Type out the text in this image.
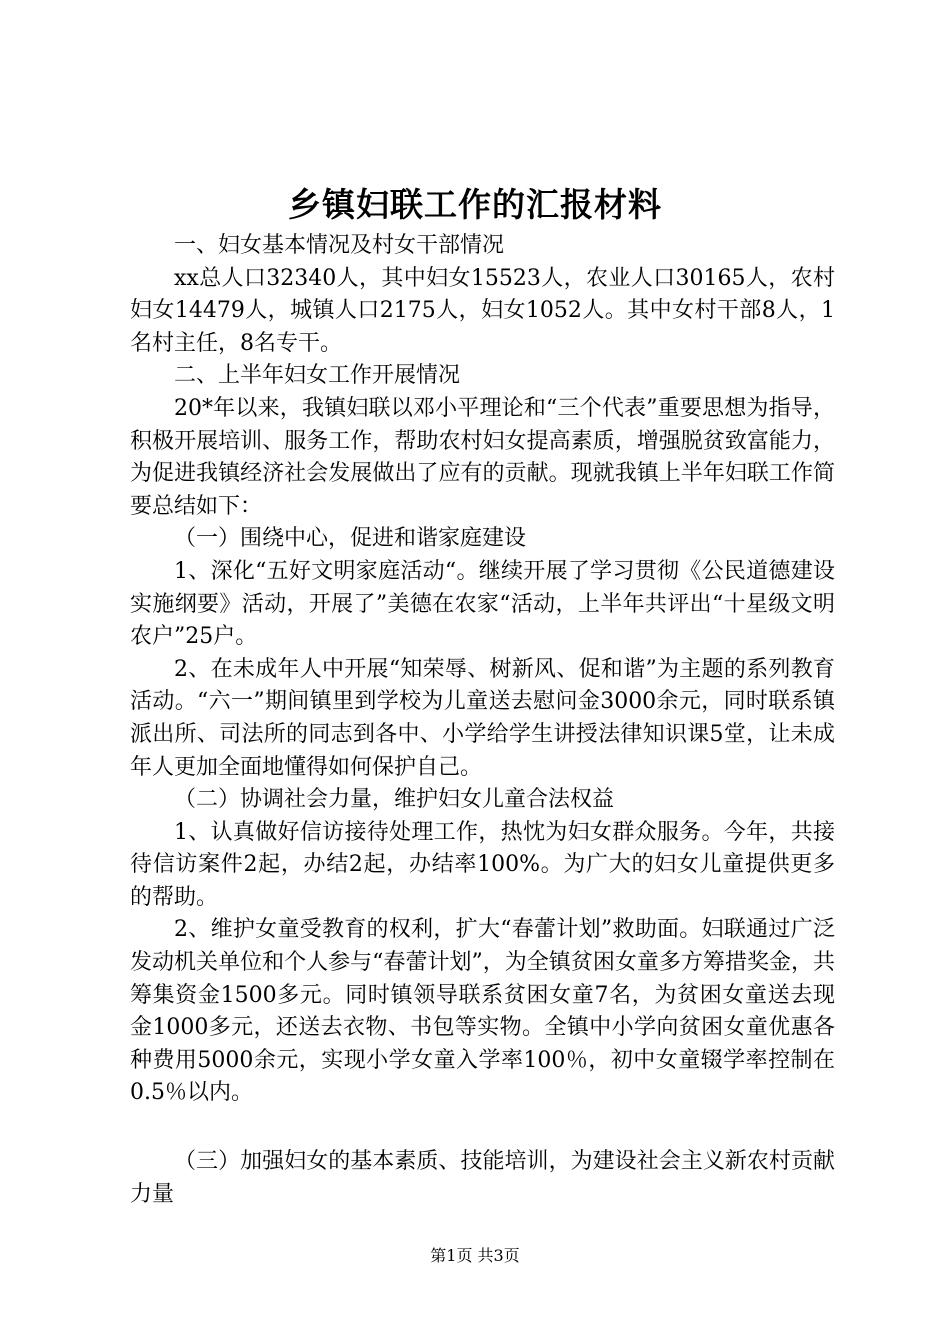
乡镇妇联工作的汇报材料

一、妇女基本情况及村女干部情况

xx总人口32340人，其中妇女15523人，农业人口30165人，农村妇女14479人，城镇人口2175人，妇女1052人。其中女村干部8人，1名村主任，8名专干。

二、上半年妇女工作开展情况

20*年以来，我镇妇联以邓小平理论和“三个代表”重要思想为指导，积极开展培训、服务工作，帮助农村妇女提高素质，增强脱贫致富能力，为促进我镇经济社会发展做出了应有的贡献。现就我镇上半年妇联工作简要总结如下：

（一）围绕中心，促进和谐家庭建设

1、深化“五好文明家庭活动“。继续开展了学习贯彻《公民道德建设实施纲要》活动，开展了”美德在农家“活动，上半年共评出“十星级文明农户”25户。

2、在未成年人中开展“知荣辱、树新风、促和谐”为主题的系列教育活动。“六一”期间镇里到学校为儿童送去慰问金3000余元，同时联系镇派出所、司法所的同志到各中、小学给学生讲授法律知识课5堂，让未成年人更加全面地懂得如何保护自己。

（二）协调社会力量，维护妇女儿童合法权益

1、认真做好信访接待处理工作，热忱为妇女群众服务。今年，共接待信访案件2起，办结2起，办结率100%。为广大的妇女儿童提供更多的帮助。

2、维护女童受教育的权利，扩大“春蕾计划”救助面。妇联通过广泛发动机关单位和个人参与“春蕾计划”，为全镇贫困女童多方筹措奖金，共筹集资金1500多元。同时镇领导联系贫困女童7名，为贫困女童送去现金1000多元，还送去衣物、书包等实物。全镇中小学向贫困女童优惠各种费用5000余元，实现小学女童入学率100％，初中女童辍学率控制在0.5％以内。

（三）加强妇女的基本素质、技能培训，为建设社会主义新农村贡献力量

第1页 共3页
